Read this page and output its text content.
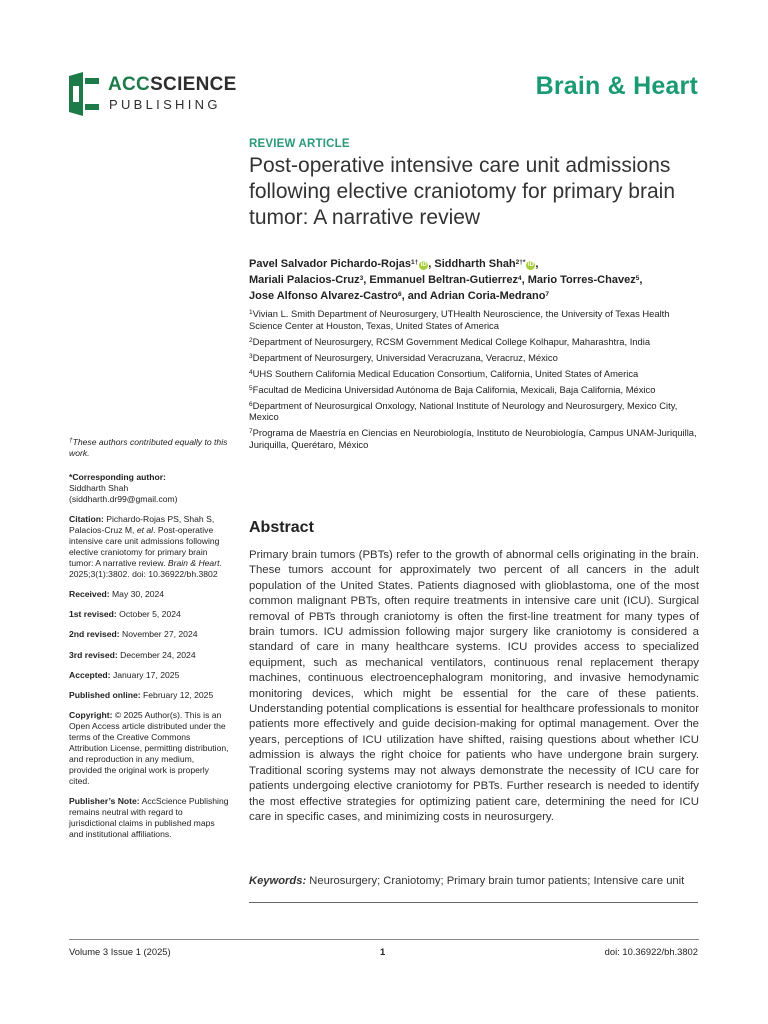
ACCSCIENCE
PUBLISHING
Brain & Heart
REVIEW ARTICLE
Post-operative intensive care unit admissions following elective craniotomy for primary brain tumor: A narrative review
Pavel Salvador Pichardo-Rojas$^{1\dagger}$ iD , Siddharth Shah$^{2\dagger*}$ iD ,
Mariali Palacios-Cruz$^3$, Emmanuel Beltran-Gutierrez$^4$, Mario Torres-Chavez$^5$,
Jose Alfonso Alvarez-Castro$^6$, and Adrian Coria-Medrano$^7$
$^1$Vivian L. Smith Department of Neurosurgery, UTHealth Neuroscience, the University of Texas Health Science Center at Houston, Texas, United States of America
$^2$Department of Neurosurgery, RCSM Government Medical College Kolhapur, Maharashtra, India
$^3$Department of Neurosurgery, Universidad Veracruzana, Veracruz, México
$^4$UHS Southern California Medical Education Consortium, California, United States of America
$^5$Facultad de Medicina Universidad Autónoma de Baja California, Mexicali, Baja California, México
$^6$Department of Neurosurgical Onxology, National Institute of Neurology and Neurosurgery, Mexico City, Mexico
$^7$Programa de Maestría en Ciencias en Neurobiología, Instituto de Neurobiología, Campus UNAM-Juriquilla, Juriquilla, Querétaro, México
†These authors contributed equally to this work.
*Corresponding author:
Siddharth Shah
(siddharth.dr99@gmail.com)
Citation: Pichardo-Rojas PS, Shah S, Palacios-Cruz M, et al. Post-operative intensive care unit admissions following elective craniotomy for primary brain tumor: A narrative review. Brain & Heart. 2025;3(1):3802. doi: 10.36922/bh.3802
Received: May 30, 2024
1st revised: October 5, 2024
2nd revised: November 27, 2024
3rd revised: December 24, 2024
Accepted: January 17, 2025
Published online: February 12, 2025
Copyright: © 2025 Author(s). This is an Open Access article distributed under the terms of the Creative Commons Attribution License, permitting distribution, and reproduction in any medium, provided the original work is properly cited.
Publisher’s Note: AccScience Publishing remains neutral with regard to jurisdictional claims in published maps and institutional affiliations.
Abstract
Primary brain tumors (PBTs) refer to the growth of abnormal cells originating in the brain. These tumors account for approximately two percent of all cancers in the adult population of the United States. Patients diagnosed with glioblastoma, one of the most common malignant PBTs, often require treatments in intensive care unit (ICU). Surgical removal of PBTs through craniotomy is often the first-line treatment for many types of brain tumors. ICU admission following major surgery like craniotomy is considered a standard of care in many healthcare systems. ICU provides access to specialized equipment, such as mechanical ventilators, continuous renal replacement therapy machines, continuous electroencephalogram monitoring, and invasive hemodynamic monitoring devices, which might be essential for the care of these patients. Understanding potential complications is essential for healthcare professionals to monitor patients more effectively and guide decision-making for optimal management. Over the years, perceptions of ICU utilization have shifted, raising questions about whether ICU admission is always the right choice for patients who have undergone brain surgery. Traditional scoring systems may not always demonstrate the necessity of ICU care for patients undergoing elective craniotomy for PBTs. Further research is needed to identify the most effective strategies for optimizing patient care, determining the need for ICU care in specific cases, and minimizing costs in neurosurgery.
Keywords: Neurosurgery; Craniotomy; Primary brain tumor patients; Intensive care unit
Volume 3 Issue 1 (2025)	1	doi: 10.36922/bh.3802
